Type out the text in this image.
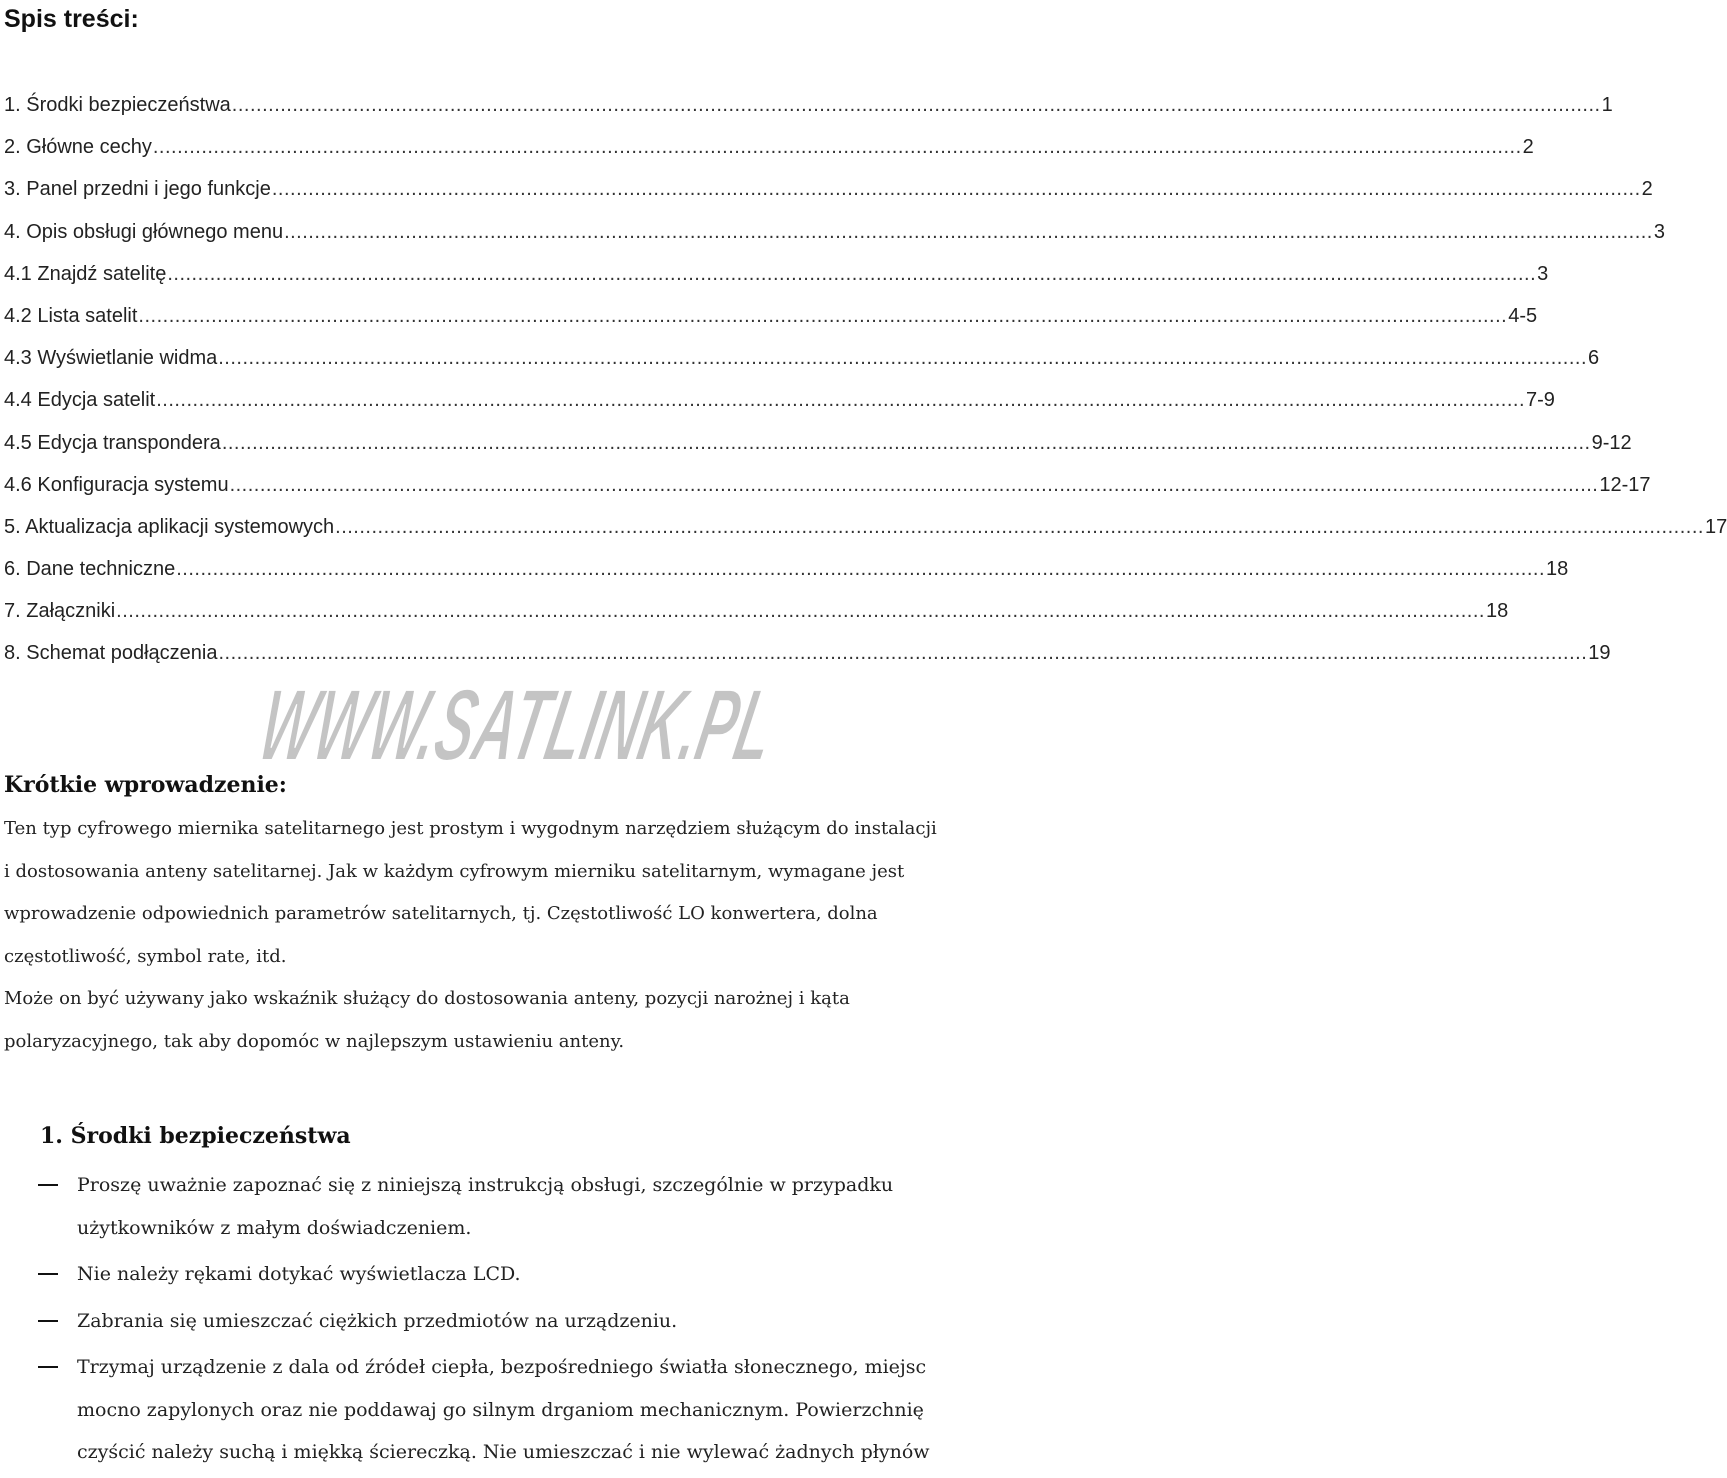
Spis treści:
1. Środki bezpieczeństwa .....	1
2. Główne cechy .....	2
3. Panel przedni i jego funkcje .....	2
4. Opis obsługi głównego menu .....	3
4.1 Znajdź satelitę .....	3
4.2 Lista satelit .....	4-5
4.3 Wyświetlanie widma .....	6
4.4 Edycja satelit .....	7-9
4.5 Edycja transpondera .....	9-12
4.6 Konfiguracja systemu .....	12-17
5. Aktualizacja aplikacji systemowych .....	17
6. Dane techniczne .....	18
7. Załączniki .....	18
8. Schemat podłączenia .....	19
WWW.SATLINK.PL
Krótkie wprowadzenie:

Ten typ cyfrowego miernika satelitarnego jest prostym i wygodnym narzędziem służącym do instalacji i dostosowania anteny satelitarnej. Jak w każdym cyfrowym mierniku satelitarnym, wymagane jest wprowadzenie odpowiednich parametrów satelitarnych, tj. Częstotliwość LO konwertera, dolna częstotliwość, symbol rate, itd.

Może on być używany jako wskaźnik służący do dostosowania anteny, pozycji narożnej i kąta polaryzacyjnego, tak aby dopomóc w najlepszym ustawieniu anteny.

1. Środki bezpieczeństwa
Proszę uważnie zapoznać się z niniejszą instrukcją obsługi, szczególnie w przypadku użytkowników z małym doświadczeniem.
Nie należy rękami dotykać wyświetlacza LCD.
Zabrania się umieszczać ciężkich przedmiotów na urządzeniu.
Trzymaj urządzenie z dala od źródeł ciepła, bezpośredniego światła słonecznego, miejsc mocno zapylonych oraz nie poddawaj go silnym drganiom mechanicznym. Powierzchnię czyścić należy suchą i miękką ściereczką. Nie umieszczać i nie wylewać żadnych płynów
